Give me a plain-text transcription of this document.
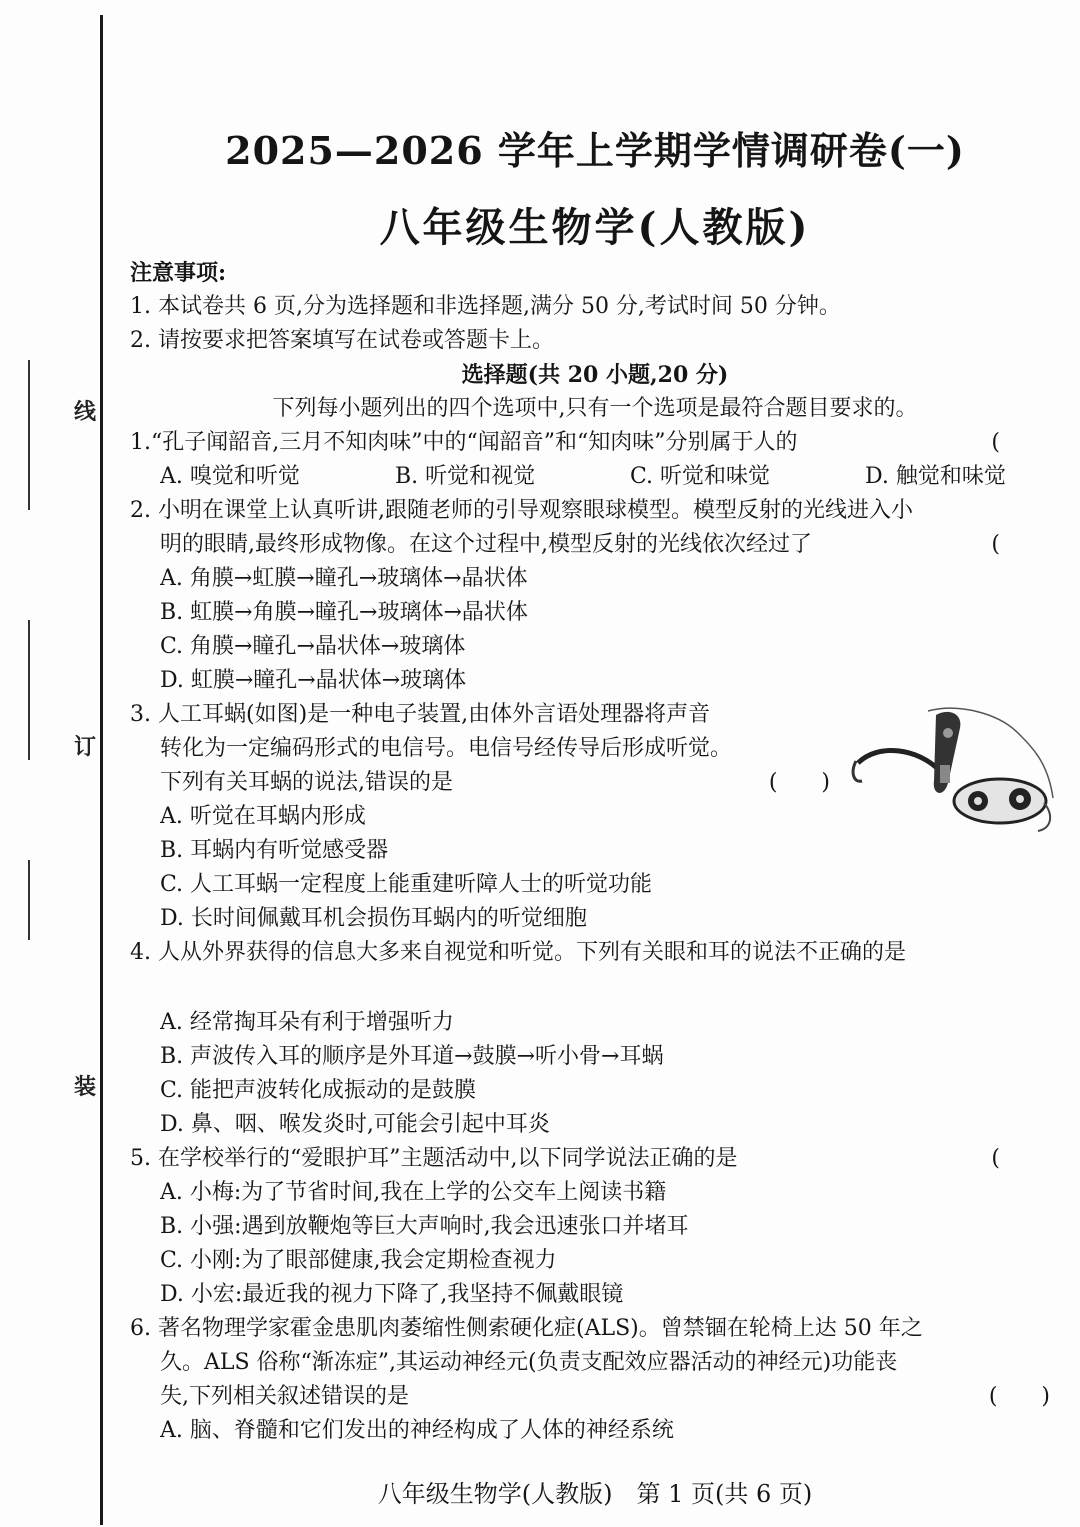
线
订
装
2025—2026 学年上学期学情调研卷(一)
八年级生物学(人教版)
注意事项:
1. 本试卷共 6 页,分为选择题和非选择题,满分 50 分,考试时间 50 分钟。
2. 请按要求把答案填写在试卷或答题卡上。
选择题(共 20 小题,20 分)
下列每小题列出的四个选项中,只有一个选项是最符合题目要求的。
1.“孔子闻韶音,三月不知肉味”中的“闻韶音”和“知肉味”分别属于人的	(
A. 嗅觉和听觉	B. 听觉和视觉	C. 听觉和味觉	D. 触觉和味觉
2. 小明在课堂上认真听讲,跟随老师的引导观察眼球模型。模型反射的光线进入小
明的眼睛,最终形成物像。在这个过程中,模型反射的光线依次经过了	(
A. 角膜→虹膜→瞳孔→玻璃体→晶状体
B. 虹膜→角膜→瞳孔→玻璃体→晶状体
C. 角膜→瞳孔→晶状体→玻璃体
D. 虹膜→瞳孔→晶状体→玻璃体
3. 人工耳蜗(如图)是一种电子装置,由体外言语处理器将声音
转化为一定编码形式的电信号。电信号经传导后形成听觉。
下列有关耳蜗的说法,错误的是	(　　)
A. 听觉在耳蜗内形成
B. 耳蜗内有听觉感受器
C. 人工耳蜗一定程度上能重建听障人士的听觉功能
D. 长时间佩戴耳机会损伤耳蜗内的听觉细胞
4. 人从外界获得的信息大多来自视觉和听觉。下列有关眼和耳的说法不正确的是
A. 经常掏耳朵有利于增强听力
B. 声波传入耳的顺序是外耳道→鼓膜→听小骨→耳蜗
C. 能把声波转化成振动的是鼓膜
D. 鼻、咽、喉发炎时,可能会引起中耳炎
5. 在学校举行的“爱眼护耳”主题活动中,以下同学说法正确的是	(
A. 小梅:为了节省时间,我在上学的公交车上阅读书籍
B. 小强:遇到放鞭炮等巨大声响时,我会迅速张口并堵耳
C. 小刚:为了眼部健康,我会定期检查视力
D. 小宏:最近我的视力下降了,我坚持不佩戴眼镜
6. 著名物理学家霍金患肌肉萎缩性侧索硬化症(ALS)。曾禁锢在轮椅上达 50 年之
久。ALS 俗称“渐冻症”,其运动神经元(负责支配效应器活动的神经元)功能丧
失,下列相关叙述错误的是	(　　)
A. 脑、脊髓和它们发出的神经构成了人体的神经系统
八年级生物学(人教版)　第 1 页(共 6 页)
